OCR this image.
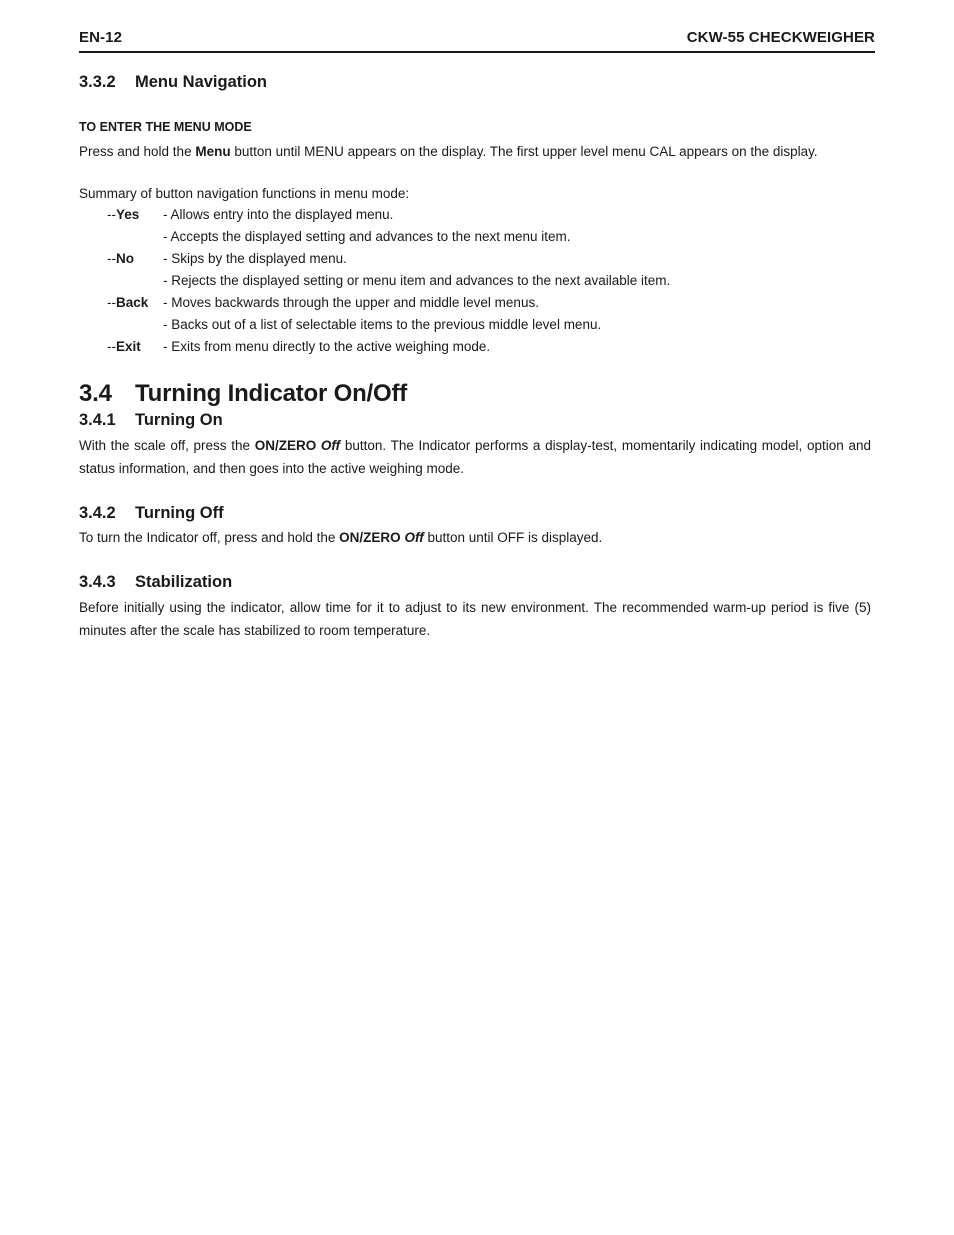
EN-12	CKW-55 CHECKWEIGHER
3.3.2 Menu Navigation
TO ENTER THE MENU MODE
Press and hold the Menu button until MENU appears on the display. The first upper level menu CAL appears on the display.
Summary of button navigation functions in menu mode:
--Yes - Allows entry into the displayed menu.
- Accepts the displayed setting and advances to the next menu item.
--No - Skips by the displayed menu.
- Rejects the displayed setting or menu item and advances to the next available item.
--Back - Moves backwards through the upper and middle level menus.
- Backs out of a list of selectable items to the previous middle level menu.
--Exit - Exits from menu directly to the active weighing mode.
3.4 Turning Indicator On/Off
3.4.1 Turning On
With the scale off, press the ON/ZERO Off button. The Indicator performs a display-test, momentarily indicating model, option and status information, and then goes into the active weighing mode.
3.4.2 Turning Off
To turn the Indicator off, press and hold the ON/ZERO Off button until OFF is displayed.
3.4.3 Stabilization
Before initially using the indicator, allow time for it to adjust to its new environment. The recommended warm-up period is five (5) minutes after the scale has stabilized to room temperature.
